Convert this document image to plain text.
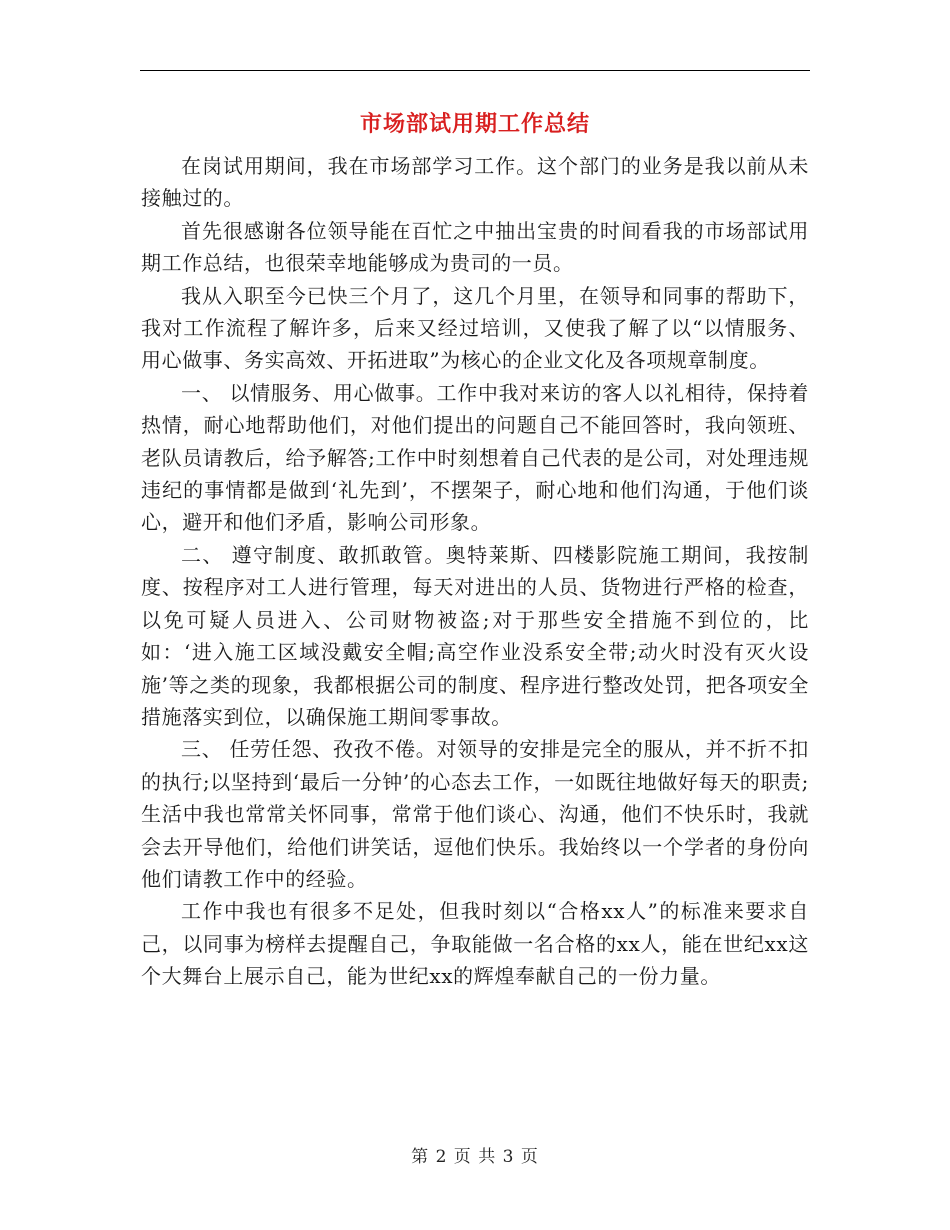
市场部试用期工作总结

在岗试用期间，我在市场部学习工作。这个部门的业务是我以前从未接触过的。

首先很感谢各位领导能在百忙之中抽出宝贵的时间看我的市场部试用期工作总结，也很荣幸地能够成为贵司的一员。

我从入职至今已快三个月了，这几个月里，在领导和同事的帮助下，我对工作流程了解许多，后来又经过培训，又使我了解了以“以情服务、用心做事、务实高效、开拓进取”为核心的企业文化及各项规章制度。

一、 以情服务、用心做事。工作中我对来访的客人以礼相待，保持着热情，耐心地帮助他们，对他们提出的问题自己不能回答时，我向领班、老队员请教后，给予解答;工作中时刻想着自己代表的是公司，对处理违规违纪的事情都是做到‘礼先到’，不摆架子，耐心地和他们沟通，于他们谈心，避开和他们矛盾，影响公司形象。

二、 遵守制度、敢抓敢管。奥特莱斯、四楼影院施工期间，我按制度、按程序对工人进行管理，每天对进出的人员、货物进行严格的检查，以免可疑人员进入、公司财物被盗;对于那些安全措施不到位的，比如：‘进入施工区域没戴安全帽;高空作业没系安全带;动火时没有灭火设施’等之类的现象，我都根据公司的制度、程序进行整改处罚，把各项安全措施落实到位，以确保施工期间零事故。

三、 任劳任怨、孜孜不倦。对领导的安排是完全的服从，并不折不扣的执行;以坚持到‘最后一分钟’的心态去工作，一如既往地做好每天的职责;生活中我也常常关怀同事，常常于他们谈心、沟通，他们不快乐时，我就会去开导他们，给他们讲笑话，逗他们快乐。我始终以一个学者的身份向他们请教工作中的经验。

工作中我也有很多不足处，但我时刻以“合格xx人”的标准来要求自己，以同事为榜样去提醒自己，争取能做一名合格的xx人，能在世纪xx这个大舞台上展示自己，能为世纪xx的辉煌奉献自己的一份力量。

第 2 页 共 3 页
